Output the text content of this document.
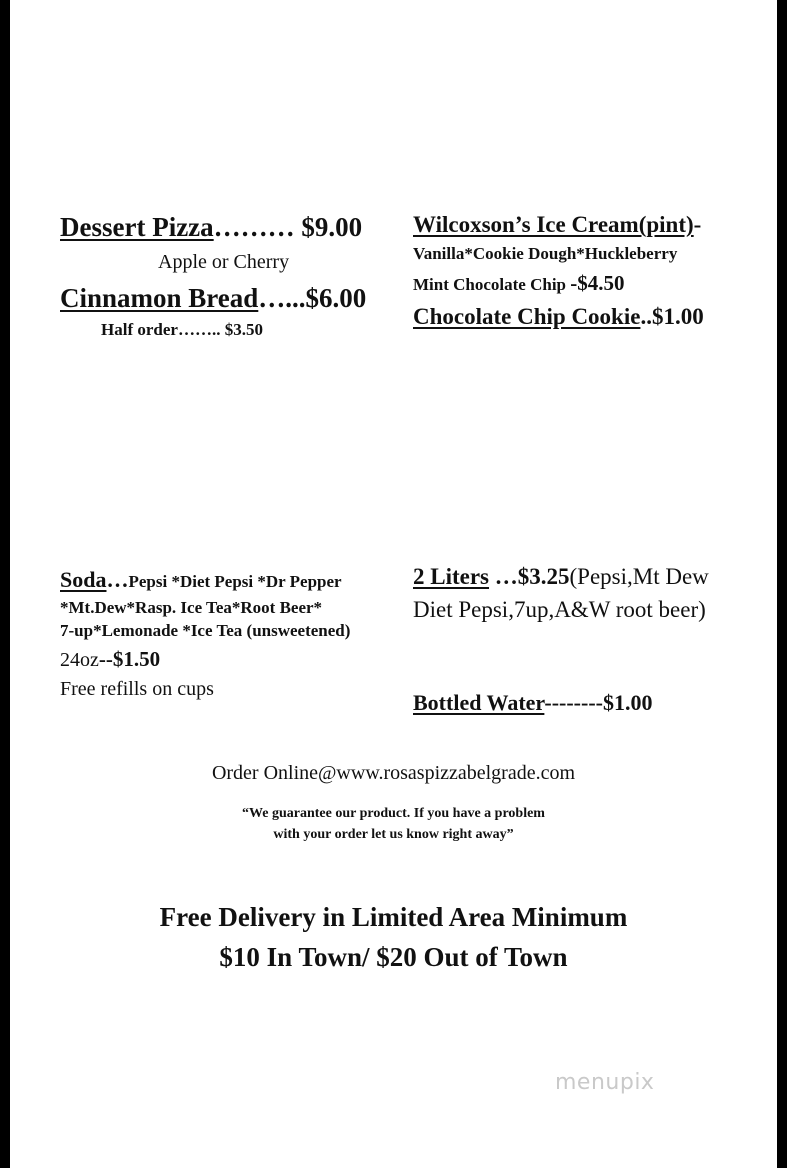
Dessert Pizza……… $9.00
Apple or Cherry
Cinnamon Bread…...$6.00
Half order…….. $3.50
Wilcoxson’s Ice Cream(pint)-
Vanilla*Cookie Dough*Huckleberry
Mint Chocolate Chip -$4.50
Chocolate Chip Cookie..$1.00
Soda…Pepsi *Diet Pepsi *Dr Pepper
*Mt.Dew*Rasp. Ice Tea*Root Beer*
7-up*Lemonade *Ice Tea (unsweetened)
24oz--$1.50
Free refills on cups
2 Liters …$3.25(Pepsi,Mt Dew
Diet Pepsi,7up,A&W root beer)
Bottled Water--------$1.00
Order Online@www.rosaspizzabelgrade.com
“We guarantee our product. If you have a problem
with your order let us know right away”
Free Delivery in Limited Area Minimum
$10 In Town/ $20 Out of Town
menupix
